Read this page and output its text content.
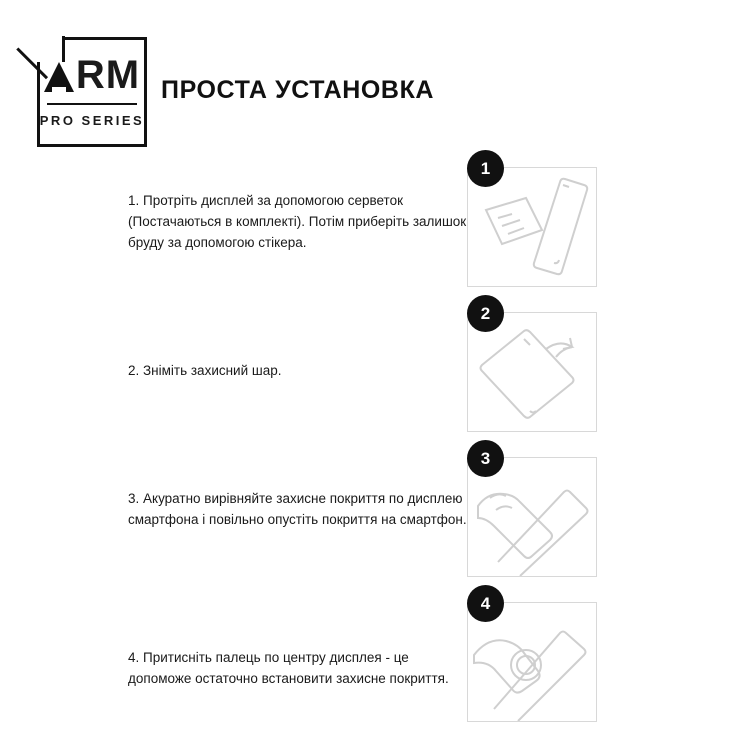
RM
PRO SERIES
ПРОСТА УСТАНОВКА
1. Протріть дисплей за допомогою серветок (Постачаються в комплекті). Потім приберіть залишок бруду за допомогою стікера.
1
2. Зніміть захисний шар.
2
3. Акуратно вирівняйте захисне покриття по дисплею смартфона і повільно опустіть покриття на смартфон.
3
4. Притисніть палець по центру дисплея - це допоможе остаточно встановити захисне покриття.
4
